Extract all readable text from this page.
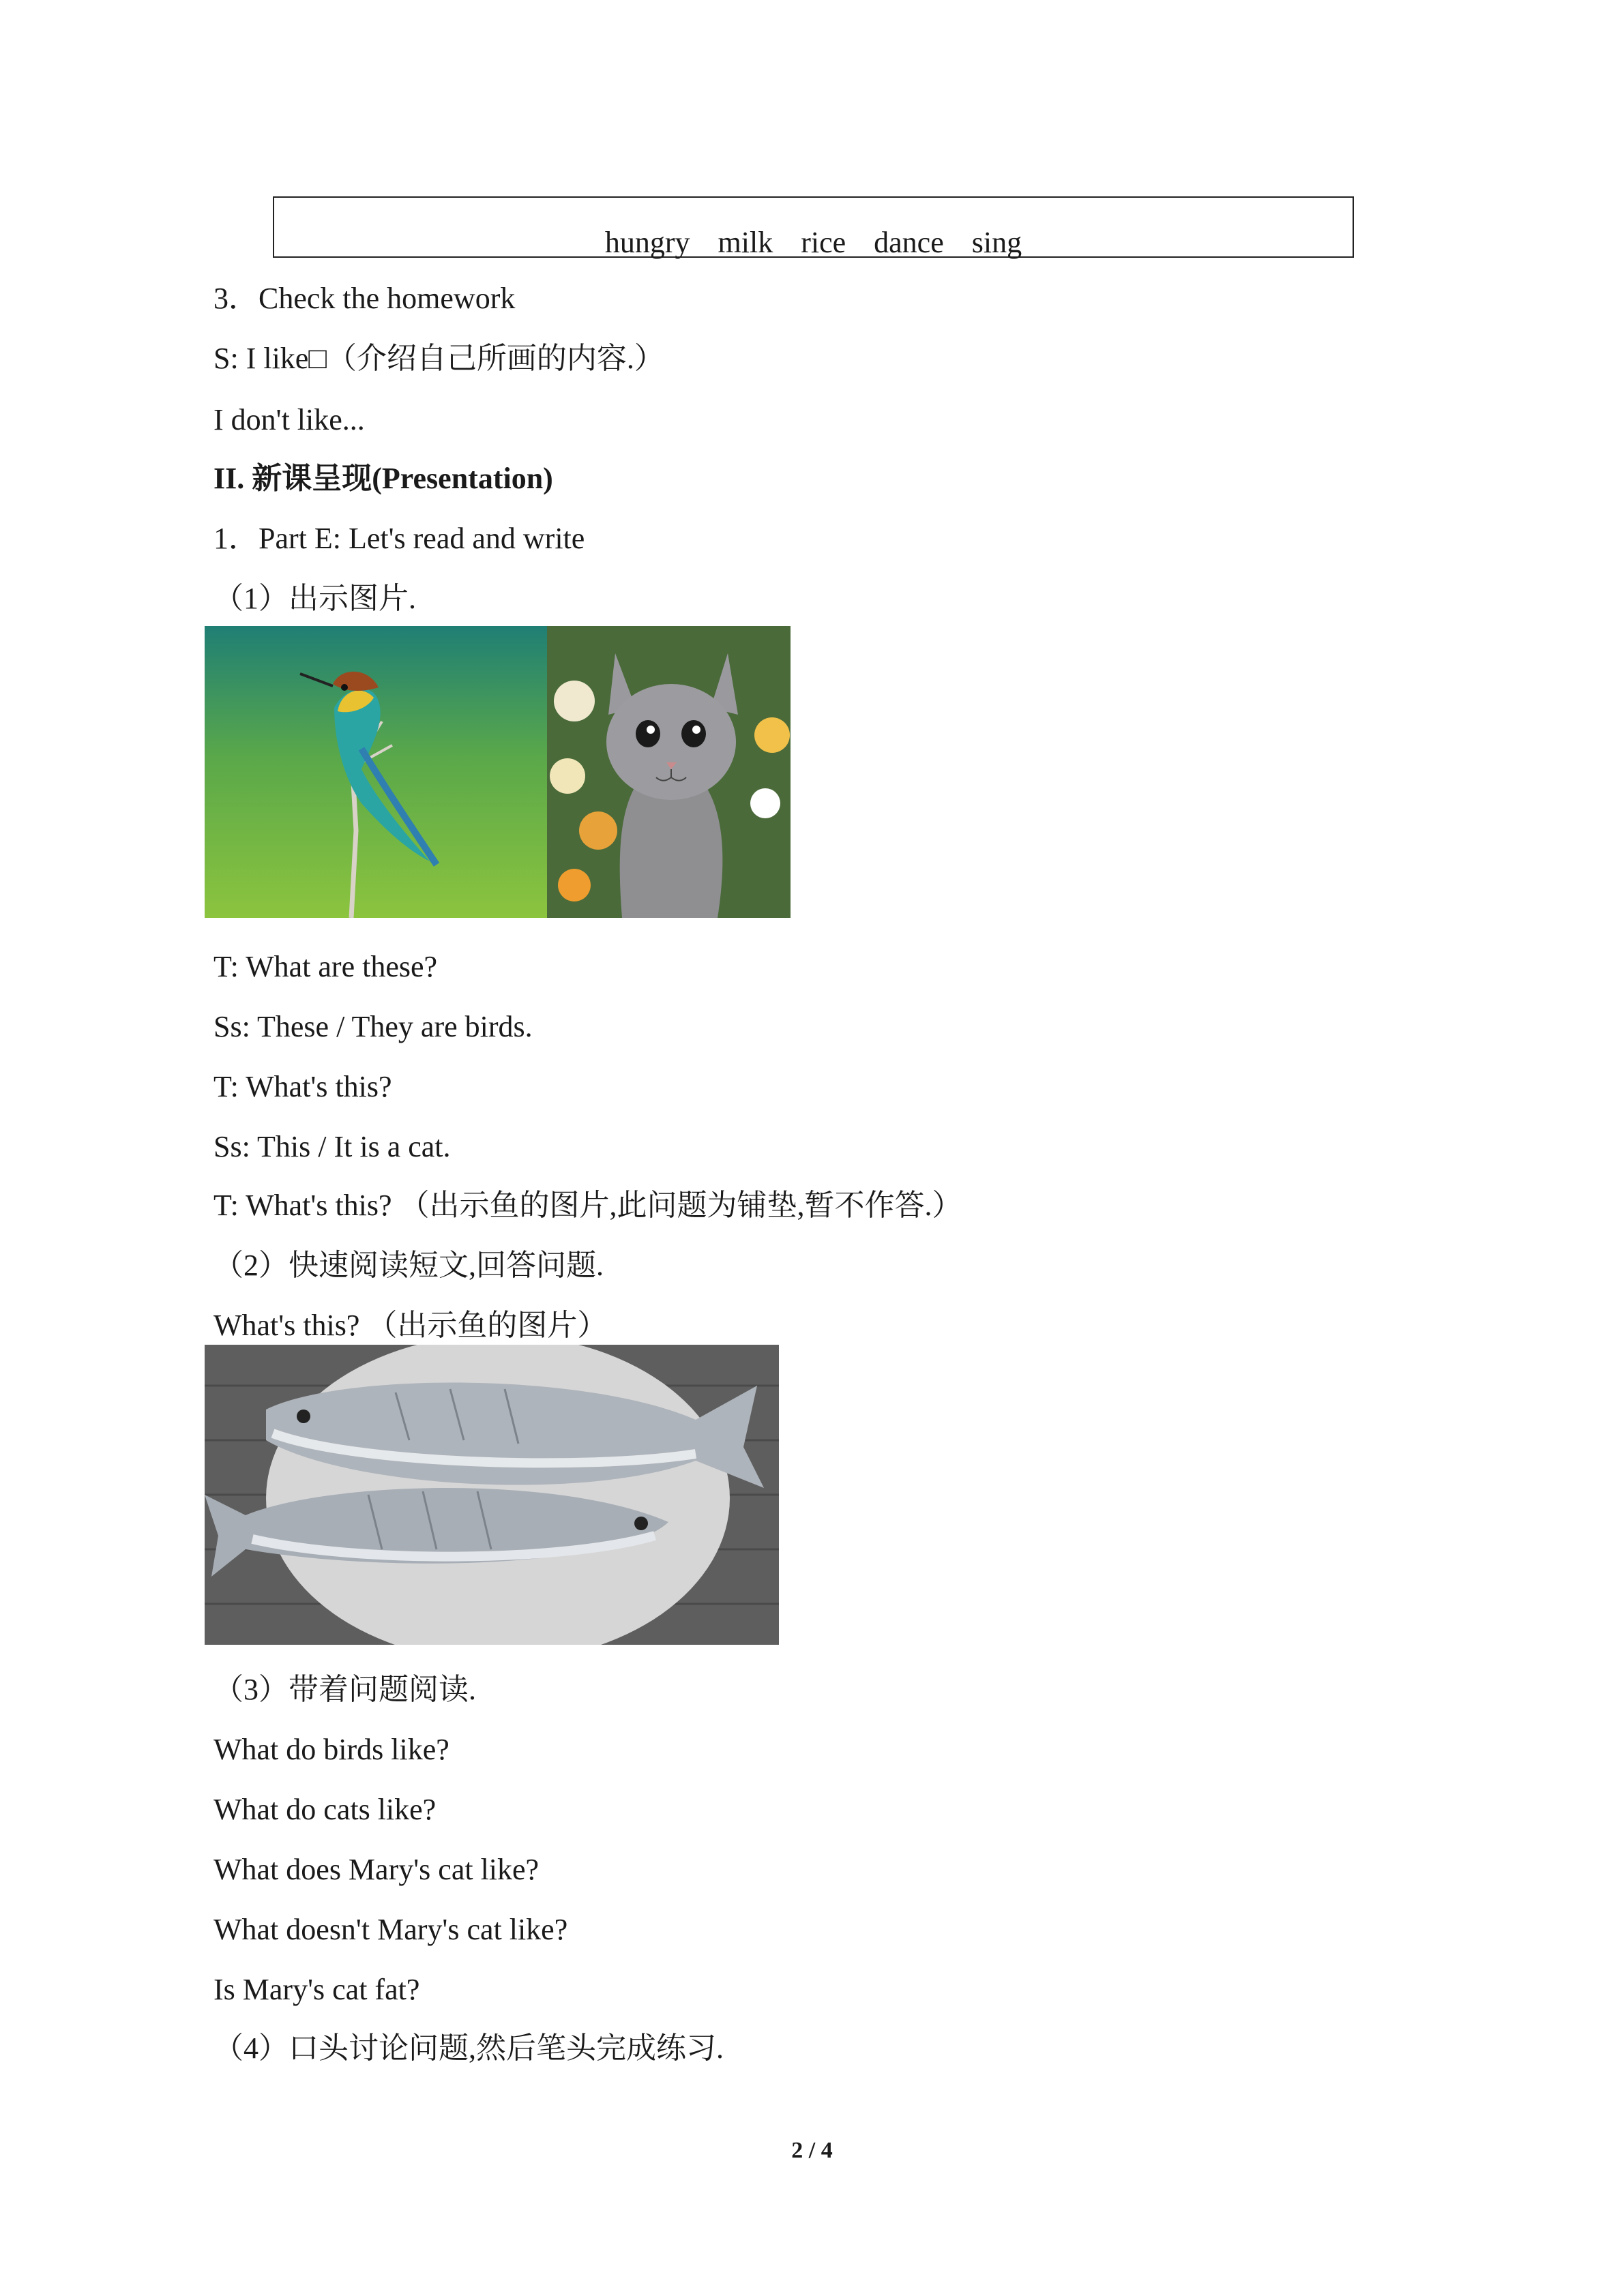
hungry milk rice dance sing
3．Check the homework
S: I like□（介绍自己所画的内容.）
I don't like...
II. 新课呈现(Presentation)
1．Part E: Let's read and write
（1）出示图片.
T: What are these?
Ss: These / They are birds.
T: What's this?
Ss: This / It is a cat.
T: What's this? （出示鱼的图片,此问题为铺垫,暂不作答.）
（2）快速阅读短文,回答问题.
What's this? （出示鱼的图片）
（3）带着问题阅读.
What do birds like?
What do cats like?
What does Mary's cat like?
What doesn't Mary's cat like?
Is Mary's cat fat?
（4）口头讨论问题,然后笔头完成练习.
2 / 4
